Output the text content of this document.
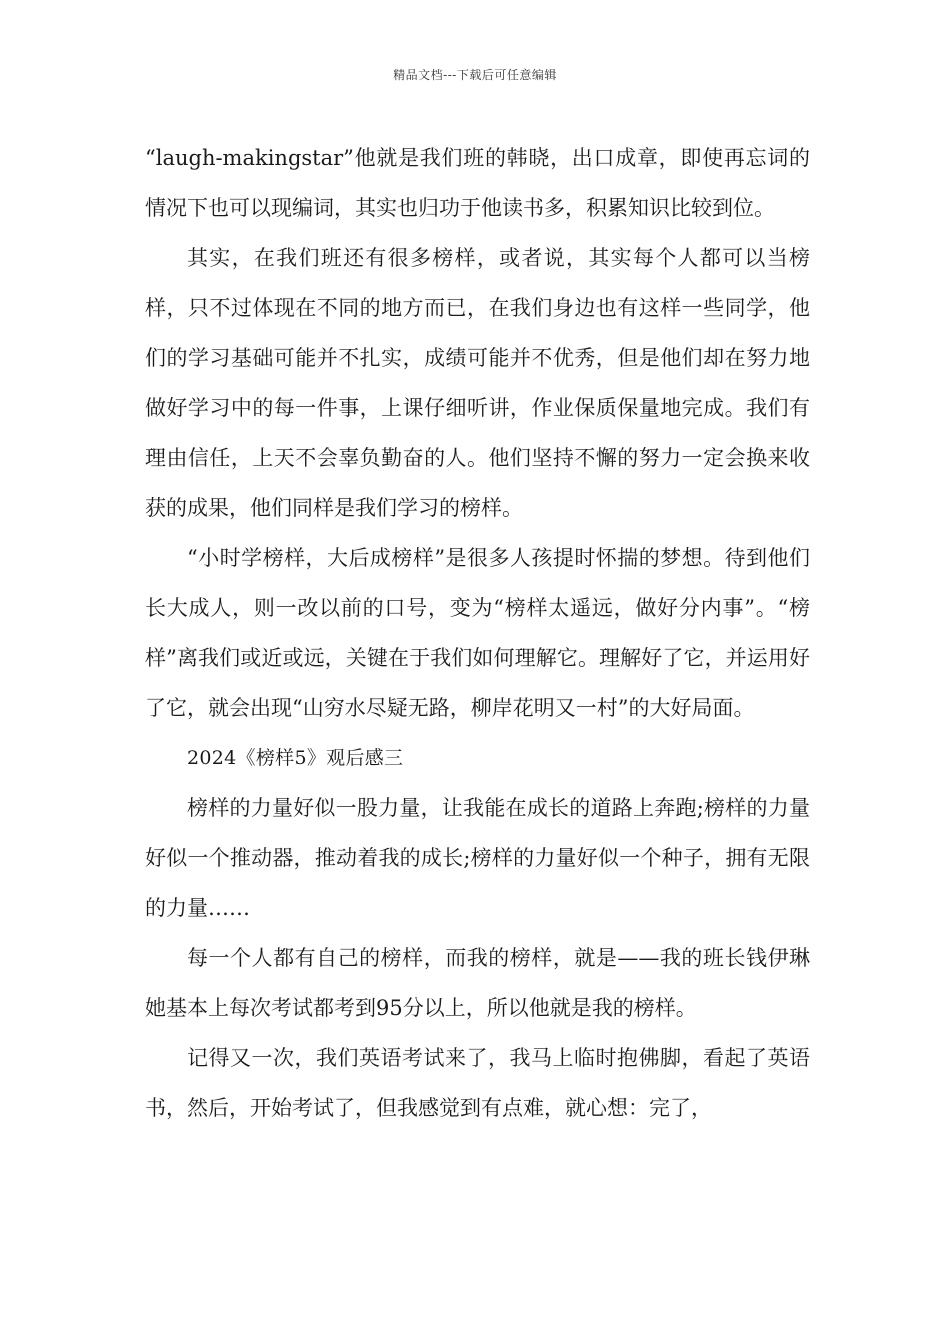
精品文档---下载后可任意编辑

“laugh-makingstar”他就是我们班的韩晓，出口成章，即使再忘词的情况下也可以现编词，其实也归功于他读书多，积累知识比较到位。

其实，在我们班还有很多榜样，或者说，其实每个人都可以当榜样，只不过体现在不同的地方而已，在我们身边也有这样一些同学，他们的学习基础可能并不扎实，成绩可能并不优秀，但是他们却在努力地做好学习中的每一件事，上课仔细听讲，作业保质保量地完成。我们有理由信任，上天不会辜负勤奋的人。他们坚持不懈的努力一定会换来收获的成果，他们同样是我们学习的榜样。

“小时学榜样，大后成榜样”是很多人孩提时怀揣的梦想。待到他们长大成人，则一改以前的口号，变为“榜样太遥远，做好分内事”。“榜样”离我们或近或远，关键在于我们如何理解它。理解好了它，并运用好了它，就会出现“山穷水尽疑无路，柳岸花明又一村”的大好局面。

2024《榜样5》观后感三

榜样的力量好似一股力量，让我能在成长的道路上奔跑;榜样的力量好似一个推动器，推动着我的成长;榜样的力量好似一个种子，拥有无限的力量……

每一个人都有自己的榜样，而我的榜样，就是——我的班长钱伊琳她基本上每次考试都考到95分以上，所以他就是我的榜样。

记得又一次，我们英语考试来了，我马上临时抱佛脚，看起了英语书，然后，开始考试了，但我感觉到有点难，就心想：完了，
